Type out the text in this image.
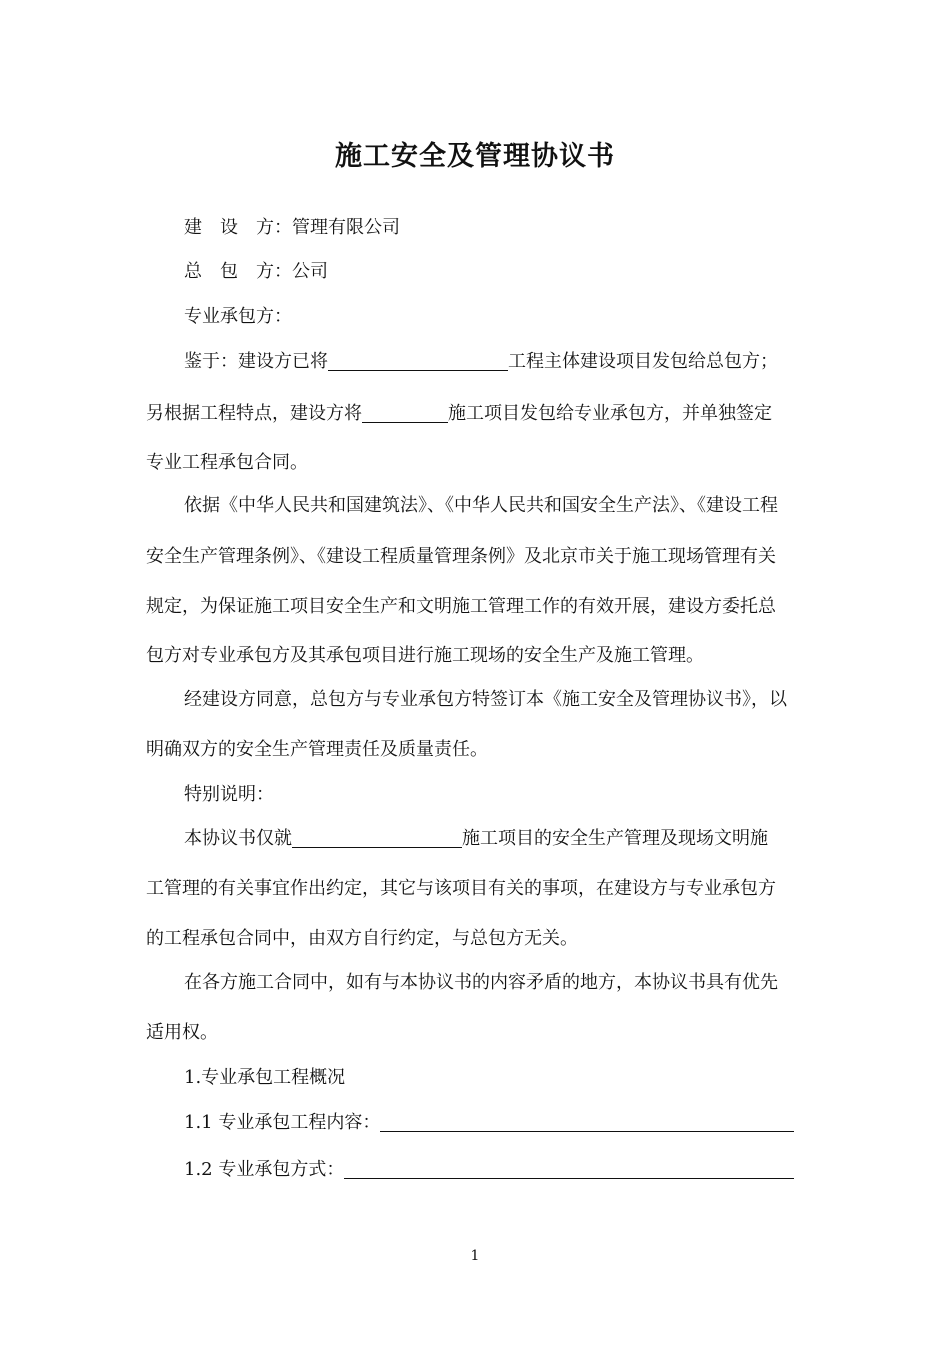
施工安全及管理协议书
建　设　方：管理有限公司
总　包　方：公司
专业承包方：
鉴于：建设方已将	工程主体建设项目发包给总包方；
另根据工程特点，建设方将	施工项目发包给专业承包方，并单独签定
专业工程承包合同。
依据《中华人民共和国建筑法》、《中华人民共和国安全生产法》、《建设工程
安全生产管理条例》、《建设工程质量管理条例》及北京市关于施工现场管理有关
规定，为保证施工项目安全生产和文明施工管理工作的有效开展，建设方委托总
包方对专业承包方及其承包项目进行施工现场的安全生产及施工管理。
经建设方同意，总包方与专业承包方特签订本《施工安全及管理协议书》，以
明确双方的安全生产管理责任及质量责任。
特别说明：
本协议书仅就	施工项目的安全生产管理及现场文明施
工管理的有关事宜作出约定，其它与该项目有关的事项，在建设方与专业承包方
的工程承包合同中，由双方自行约定，与总包方无关。
在各方施工合同中，如有与本协议书的内容矛盾的地方，本协议书具有优先
适用权。
1.专业承包工程概况
1.1 专业承包工程内容：
1.2 专业承包方式：
1
